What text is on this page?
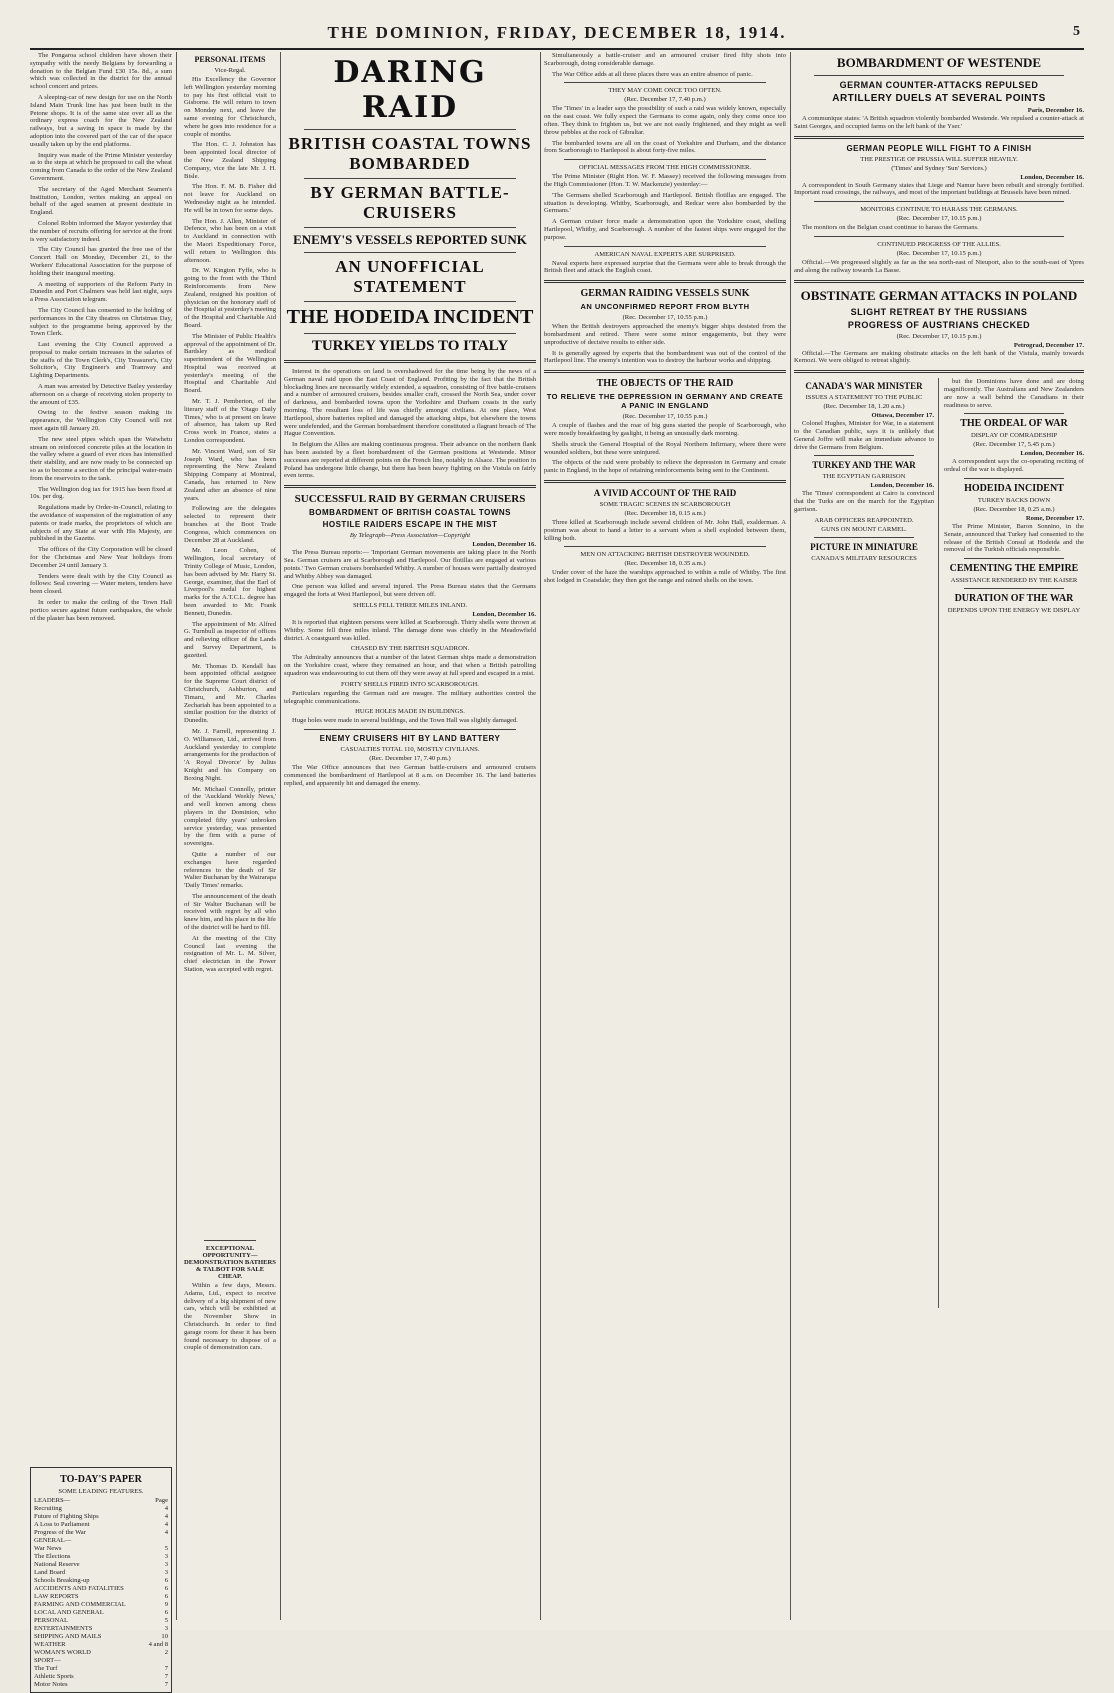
THE DOMINION, FRIDAY, DECEMBER 18, 1914.	5

The Pongaroa school children have shown their sympathy with the needy Belgians by forwarding a donation to the Belgian Fund £30 15s. 8d., a sum which was collected in the district for the annual school concert and prizes.

A sleeping-car of new design for use on the North Island Main Trunk line has just been built in the Petone shops. It is of the same size over all as the ordinary express coach for the New Zealand railways, but a saving in space is made by the adoption into the covered part of the car of the space usually taken up by the end platforms.

Inquiry was made of the Prime Minister yesterday as to the steps at which he proposed to call the wheat coming from Canada to the order of the New Zealand Government.

The secretary of the Aged Merchant Seamen's Institution, London, writes making an appeal on behalf of the aged seamen at present destitute in England.

Colonel Robin informed the Mayor yesterday that the number of recruits offering for service at the front is very satisfactory indeed.

The City Council has granted the free use of the Concert Hall on Monday, December 21, to the Workers' Educational Association for the purpose of holding their inaugural meeting.

A meeting of supporters of the Reform Party in Dunedin and Port Chalmers was held last night, says a Press Association telegram.

The City Council has consented to the holding of performances in the City theatres on Christmas Day, subject to the programme being approved by the Town Clerk.

Last evening the City Council approved a proposal to make certain increases in the salaries of the staffs of the Town Clerk's, City Treasurer's, City Solicitor's, City Engineer's and Tramway and Lighting Departments.

A man was arrested by Detective Bailey yesterday afternoon on a charge of receiving stolen property to the amount of £35.

Owing to the festive season making its appearance, the Wellington City Council will not meet again till January 20.

The new steel pipes which span the Waiwhetu stream on reinforced concrete piles at the location in the valley where a guard of ever rices has intensified their stability, and are now ready to be connected up so as to become a section of the principal water-main from the reservoirs to the tank.

The Wellington dog tax for 1915 has been fixed at 10s. per dog.

Regulations made by Order-in-Council, relating to the avoidance of suspension of the registration of any patents or trade marks, the proprietors of which are subjects of any State at war with His Majesty, are published in the Gazette.

The offices of the City Corporation will be closed for the Christmas and New Year holidays from December 24 until January 3.

Tenders were dealt with by the City Council as follows: Seal covering — Water meters, tenders have been closed.

In order to make the ceiling of the Town Hall portico secure against future earthquakes, the whole of the plaster has been removed.

TO-DAY'S PAPER
SOME LEADING FEATURES.
LEADERS—	Page
Recruiting	4
Future of Fighting Ships	4
A Loss to Parliament	4
Progress of the War	4
GENERAL—
War News	5
The Elections	3
National Reserve	3
Land Board	3
Schools Breaking-up	6
ACCIDENTS AND FATALITIES	6
LAW REPORTS	6
FARMING AND COMMERCIAL	9
LOCAL AND GENERAL	6
PERSONAL	5
ENTERTAINMENTS	3
SHIPPING AND MAILS	10
WEATHER	4 and 8
WOMAN'S WORLD	2
SPORT—
The Turf	7
Athletic Sports	7
Motor Notes	7
PERSONAL ITEMS
Vice-Regal.

His Excellency the Governor left Wellington yesterday morning to pay his first official visit to Gisborne. He will return to town on Monday next, and leave the same evening for Christchurch, where he goes into residence for a couple of months.

The Hon. C. J. Johnston has been appointed local director of the New Zealand Shipping Company, vice the late Mr. J. H. Bisle.

The Hon. F. M. B. Fisher did not leave for Auckland on Wednesday night as he intended. He will be in town for some days.

The Hon. J. Allen, Minister of Defence, who has been on a visit to Auckland in connection with the Maori Expeditionary Force, will return to Wellington this afternoon.

Dr. W. Kington Fyffe, who is going to the front with the Third Reinforcements from New Zealand, resigned his position of physician on the honorary staff of the Hospital at yesterday's meeting of the Hospital and Charitable Aid Board.

The Minister of Public Health's approval of the appointment of Dr. Bardsley as medical superintendent of the Wellington Hospital was received at yesterday's meeting of the Hospital and Charitable Aid Board.

Mr. T. J. Pemberton, of the literary staff of the 'Otago Daily Times,' who is at present on leave of absence, has taken up Red Cross work in France, states a London correspondent.

Mr. Vincent Ward, son of Sir Joseph Ward, who has been representing the New Zealand Shipping Company at Montreal, Canada, has returned to New Zealand after an absence of nine years.

Following are the delegates selected to represent their branches at the Boot Trade Congress, which commences on December 28 at Auckland.

Mr. Leon Cohen, of Wellington, local secretary of Trinity College of Music, London, has been advised by Mr. Harry St. George, examiner, that the Earl of Liverpool's medal for highest marks for the A.T.C.L. degree has been awarded to Mr. Frank Bennett, Dunedin.

The appointment of Mr. Alfred G. Turnbull as inspector of offices and relieving officer of the Lands and Survey Department, is gazetted.

Mr. Thomas D. Kendall has been appointed official assignee for the Supreme Court district of Christchurch, Ashburton, and Timaru, and Mr. Charles Zechariah has been appointed to a similar position for the district of Dunedin.

Mr. J. Farrell, representing J. O. Williamson, Ltd., arrived from Auckland yesterday to complete arrangements for the production of 'A Royal Divorce' by Julius Knight and his Company on Boxing Night.

Mr. Michael Connolly, printer of the 'Auckland Weekly News,' and well known among chess players in the Dominion, who completed fifty years' unbroken service yesterday, was presented by the firm with a purse of sovereigns.

Quite a number of our exchanges have regarded references to the death of Sir Walter Buchanan by the Wairarapa 'Daily Times' remarks.

The announcement of the death of Sir Walter Buchanan will be received with regret by all who knew him, and his place in the life of the district will be hard to fill.

At the meeting of the City Council last evening the resignation of Mr. L. M. Silver, chief electrician in the Power Station, was accepted with regret.

EXCEPTIONAL OPPORTUNITY—DEMONSTRATION BATHERS & TALBOT FOR SALE CHEAP.

Within a few days, Messrs. Adams, Ltd., expect to receive delivery of a big shipment of new cars, which will be exhibited at the November Show in Christchurch. In order to find garage room for these it has been found necessary to dispose of a couple of demonstration cars.

DARING RAID
BRITISH COASTAL TOWNS BOMBARDED
BY GERMAN BATTLE-CRUISERS
ENEMY'S VESSELS REPORTED SUNK
AN UNOFFICIAL STATEMENT
THE HODEIDA INCIDENT
TURKEY YIELDS TO ITALY

Interest in the operations on land is overshadowed for the time being by the news of a German naval raid upon the East Coast of England. Profiting by the fact that the British blockading lines are necessarily widely extended, a squadron, consisting of five battle-cruisers and a number of armoured cruisers, besides smaller craft, crossed the North Sea, under cover of darkness, and bombarded towns upon the Yorkshire and Durham coasts in the early morning. The resultant loss of life was chiefly amongst civilians. At one place, West Hartlepool, shore batteries replied and damaged the attacking ships, but elsewhere the towns were undefended, and the German bombardment therefore constituted a flagrant breach of The Hague Convention.

In Belgium the Allies are making continuous progress. Their advance on the northern flank has been assisted by a fleet bombardment of the German positions at Westende. Minor successes are reported at different points on the French line, notably in Alsace. The position in Poland has undergone little change, but there has been heavy fighting on the Vistula on fairly even terms.

SUCCESSFUL RAID BY GERMAN CRUISERS
BOMBARDMENT OF BRITISH COASTAL TOWNS
HOSTILE RAIDERS ESCAPE IN THE MIST
By Telegraph—Press Association—Copyright
London, December 16.

The Press Bureau reports:— 'Important German movements are taking place in the North Sea. German cruisers are at Scarborough and Hartlepool. Our flotillas are engaged at various points.' Two German cruisers bombarded Whitby. A number of houses were partially destroyed and Whitby Abbey was damaged.

One person was killed and several injured. The Press Bureau states that the Germans engaged the forts at West Hartlepool, but were driven off.

SHELLS FELL THREE MILES INLAND.
London, December 16.

It is reported that eighteen persons were killed at Scarborough. Thirty shells were thrown at Whitby. Some fell three miles inland. The damage done was chiefly in the Meadowfield district. A coastguard was killed.

CHASED BY THE BRITISH SQUADRON.

The Admiralty announces that a number of the latest German ships made a demonstration on the Yorkshire coast, where they remained an hour, and that when a British patrolling squadron was endeavouring to cut them off they were away at full speed and escaped in a mist.

FORTY SHELLS FIRED INTO SCARBOROUGH.

Particulars regarding the German raid are meagre. The military authorities control the telegraphic communications.

HUGE HOLES MADE IN BUILDINGS.

Huge holes were made in several buildings, and the Town Hall was slightly damaged.

ENEMY CRUISERS HIT BY LAND BATTERY
CASUALTIES TOTAL 110, MOSTLY CIVILIANS.
(Rec. December 17, 7.40 p.m.)

The War Office announces that two German battle-cruisers and armoured cruisers commenced the bombardment of Hartlepool at 8 a.m. on December 16. The land batteries replied, and apparently hit and damaged the enemy.

Simultaneously a battle-cruiser and an armoured cruiser fired fifty shots into Scarborough, doing considerable damage.

The War Office adds at all three places there was an entire absence of panic.

THEY MAY COME ONCE TOO OFTEN.
(Rec. December 17, 7.40 p.m.)

The 'Times' in a leader says the possibility of such a raid was widely known, especially on the east coast. We fully expect the Germans to come again, only they come once too often. They think to frighten us, but we are not easily frightened, and they might as well throw pebbles at the rock of Gibraltar.

The bombarded towns are all on the coast of Yorkshire and Durham, and the distance from Scarborough to Hartlepool is about forty-five miles.

OFFICIAL MESSAGES FROM THE HIGH COMMISSIONER.

The Prime Minister (Right Hon. W. F. Massey) received the following messages from the High Commissioner (Hon. T. W. Mackenzie) yesterday:—

'The Germans shelled Scarborough and Hartlepool. British flotillas are engaged. The situation is developing. Whitby, Scarborough, and Redcar were also bombarded by the Germans.'

A German cruiser force made a demonstration upon the Yorkshire coast, shelling Hartlepool, Whitby, and Scarborough. A number of the fastest ships were engaged for the purpose.

AMERICAN NAVAL EXPERTS ARE SURPRISED.

Naval experts here expressed surprise that the Germans were able to break through the British fleet and attack the English coast.

GERMAN RAIDING VESSELS SUNK
AN UNCONFIRMED REPORT FROM BLYTH
(Rec. December 17, 10.55 p.m.)

When the British destroyers approached the enemy's bigger ships desisted from the bombardment and retired. There were some minor engagements, but they were unproductive of decisive results to either side.

It is generally agreed by experts that the bombardment was out of the control of the Hartlepool line. The enemy's intention was to destroy the harbour works and shipping.

THE OBJECTS OF THE RAID
TO RELIEVE THE DEPRESSION IN GERMANY AND CREATE A PANIC IN ENGLAND
(Rec. December 17, 10.55 p.m.)

A couple of flashes and the roar of big guns started the people of Scarborough, who were mostly breakfasting by gaslight, it being an unusually dark morning.

Shells struck the General Hospital of the Royal Northern Infirmary, where there were wounded soldiers, but these were uninjured.

The objects of the raid were probably to relieve the depression in Germany and create panic in England, in the hope of retaining reinforcements being sent to the Continent.

A VIVID ACCOUNT OF THE RAID
SOME TRAGIC SCENES IN SCARBOROUGH
(Rec. December 18, 0.15 a.m.)

Three killed at Scarborough include several children of Mr. John Hall, exalderman. A postman was about to hand a letter to a servant when a shell exploded between them, killing both.

MEN ON ATTACKING BRITISH DESTROYER WOUNDED.
(Rec. December 18, 0.35 a.m.)

Under cover of the haze the warships approached to within a mile of Whitby. The first shot lodged in Coatsdale; they then got the range and rained shells on the town.

BOMBARDMENT OF WESTENDE
GERMAN COUNTER-ATTACKS REPULSED
ARTILLERY DUELS AT SEVERAL POINTS
Paris, December 16.

A communique states: 'A British squadron violently bombarded Westende. We repulsed a counter-attack at Saint Georges, and occupied farms on the left bank of the Yser.'

GERMAN PEOPLE WILL FIGHT TO A FINISH
THE PRESTIGE OF PRUSSIA WILL SUFFER HEAVILY.
('Times' and Sydney 'Sun' Services.)
London, December 16.

A correspondent in South Germany states that Liege and Namur have been rebuilt and strongly fortified. Important road crossings, the railways, and most of the important buildings at Brussels have been mined.

MONITORS CONTINUE TO HARASS THE GERMANS.
(Rec. December 17, 10.15 p.m.)

The monitors on the Belgian coast continue to harass the Germans.

CONTINUED PROGRESS OF THE ALLIES.
(Rec. December 17, 10.15 p.m.)

Official.—We progressed slightly as far as the sea north-east of Nieuport, also to the south-east of Ypres and along the railway towards La Basse.

OBSTINATE GERMAN ATTACKS IN POLAND
SLIGHT RETREAT BY THE RUSSIANS
PROGRESS OF AUSTRIANS CHECKED
(Rec. December 17, 10.15 p.m.)
Petrograd, December 17.

Official.—The Germans are making obstinate attacks on the left bank of the Vistula, mainly towards Kernozi. We were obliged to retreat slightly.

CANADA'S WAR MINISTER
ISSUES A STATEMENT TO THE PUBLIC
(Rec. December 18, 1.20 a.m.)
Ottawa, December 17.

Colonel Hughes, Minister for War, in a statement to the Canadian public, says it is unlikely that General Joffre will make an immediate advance to drive the Germans from Belgium.

TURKEY AND THE WAR
THE EGYPTIAN GARRISON
London, December 16.

The 'Times' correspondent at Cairo is convinced that the Turks are on the march for the Egyptian garrison.

ARAB OFFICERS REAPPOINTED.
GUNS ON MOUNT CARMEL.
PICTURE IN MINIATURE
CANADA'S MILITARY RESOURCES

but the Dominions have done and are doing magnificently. The Australians and New Zealanders are now a wall behind the Canadians in their readiness to serve.

THE ORDEAL OF WAR
DISPLAY OF COMRADESHIP
(Rec. December 17, 5.45 p.m.)
London, December 16.

A correspondent says the co-operating reciting of ordeal of the war is displayed.

HODEIDA INCIDENT
TURKEY BACKS DOWN
(Rec. December 18, 0.25 a.m.)
Rome, December 17.

The Prime Minister, Baron Sonnino, in the Senate, announced that Turkey had consented to the release of the British Consul at Hodeida and the removal of the Turkish officials responsible.

CEMENTING THE EMPIRE
ASSISTANCE RENDERED BY THE KAISER
DURATION OF THE WAR
DEPENDS UPON THE ENERGY WE DISPLAY
